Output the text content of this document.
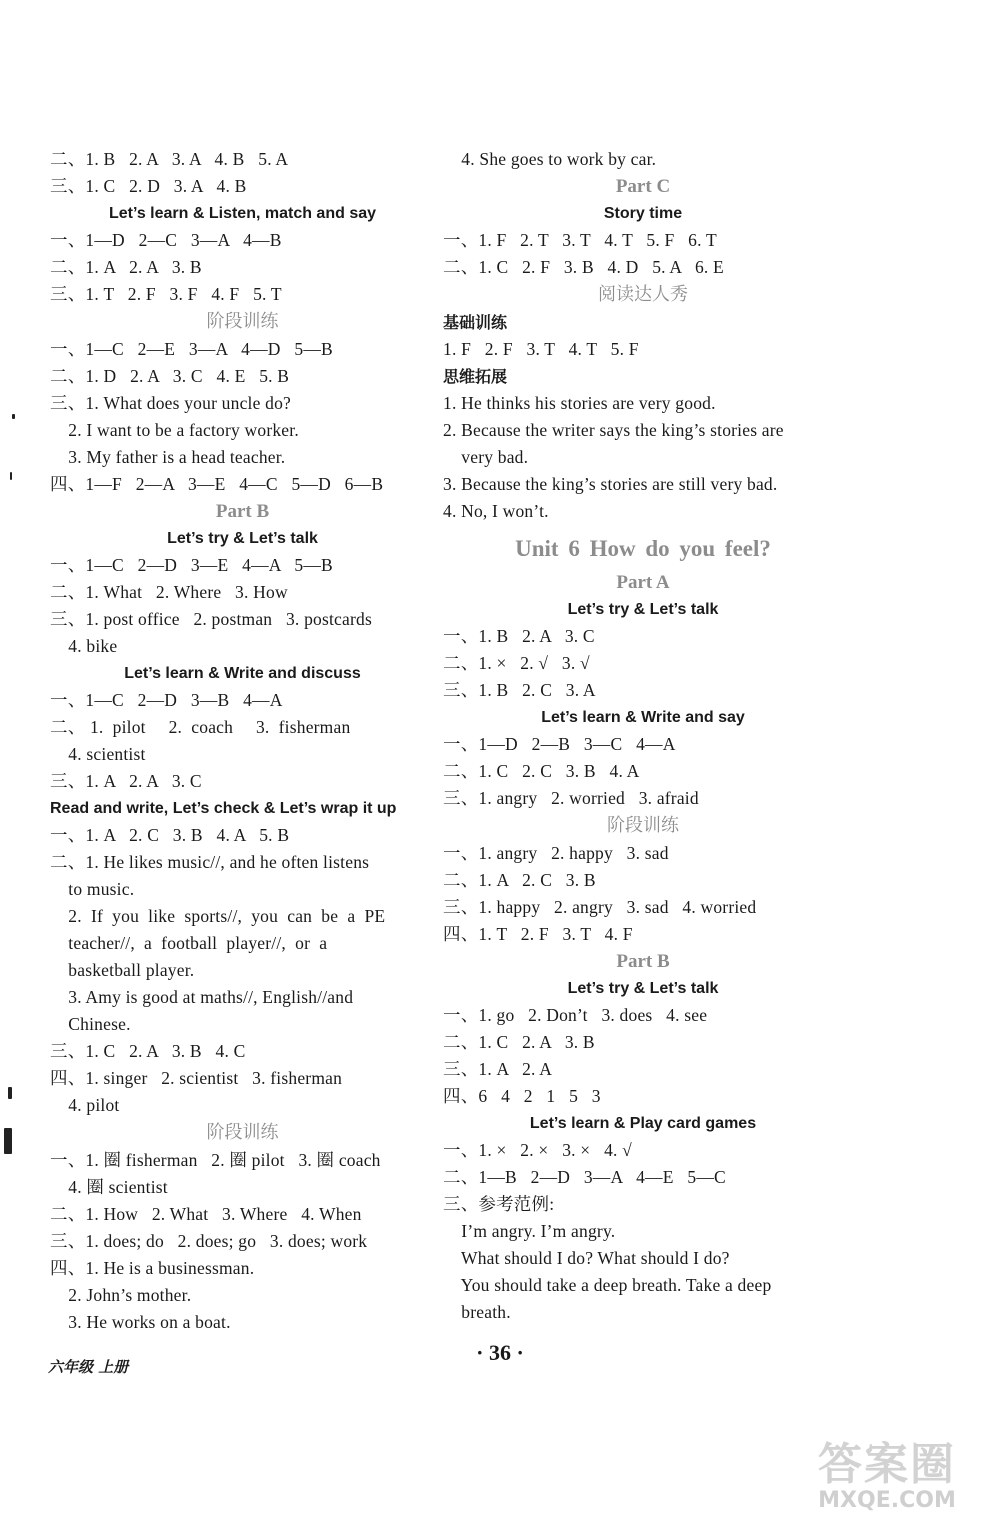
二、1. B   2. A   3. A   4. B   5. A
三、1. C   2. D   3. A   4. B
Let’s learn & Listen, match and say
一、1—D   2—C   3—A   4—B
二、1. A   2. A   3. B
三、1. T   2. F   3. F   4. F   5. T
阶段训练
一、1—C   2—E   3—A   4—D   5—B
二、1. D   2. A   3. C   4. E   5. B
三、1. What does your uncle do?
2. I want to be a factory worker.
3. My father is a head teacher.
四、1—F   2—A   3—E   4—C   5—D   6—B
Part B
Let’s try & Let’s talk
一、1—C   2—D   3—E   4—A   5—B
二、1. What   2. Where   3. How
三、1. post office   2. postman   3. postcards
4. bike
Let’s learn & Write and discuss
一、1—C   2—D   3—B   4—A
二、 1.  pilot     2.  coach     3.  fisherman
4. scientist
三、1. A   2. A   3. C
Read and write, Let’s check & Let’s wrap it up
一、1. A   2. C   3. B   4. A   5. B
二、1. He likes music//, and he often listens
to music.
2.  If  you  like  sports//,  you  can  be  a  PE
teacher//,  a  football  player//,  or  a
basketball player.
3. Amy is good at maths//, English//and
Chinese.
三、1. C   2. A   3. B   4. C
四、1. singer   2. scientist   3. fisherman
4. pilot
阶段训练
一、1. 圈 fisherman   2. 圈 pilot   3. 圈 coach
4. 圈 scientist
二、1. How   2. What   3. Where   4. When
三、1. does; do   2. does; go   3. does; work
四、1. He is a businessman.
2. John’s mother.
3. He works on a boat.
4. She goes to work by car.
Part C
Story time
一、1. F   2. T   3. T   4. T   5. F   6. T
二、1. C   2. F   3. B   4. D   5. A   6. E
阅读达人秀
基础训练
1. F   2. F   3. T   4. T   5. F
思维拓展
1. He thinks his stories are very good.
2. Because the writer says the king’s stories are
very bad.
3. Because the king’s stories are still very bad.
4. No, I won’t.
Unit 6 How do you feel?
Part A
Let’s try & Let’s talk
一、1. B   2. A   3. C
二、1. ×   2. √   3. √
三、1. B   2. C   3. A
Let’s learn & Write and say
一、1—D   2—B   3—C   4—A
二、1. C   2. C   3. B   4. A
三、1. angry   2. worried   3. afraid
阶段训练
一、1. angry   2. happy   3. sad
二、1. A   2. C   3. B
三、1. happy   2. angry   3. sad   4. worried
四、1. T   2. F   3. T   4. F
Part B
Let’s try & Let’s talk
一、1. go   2. Don’t   3. does   4. see
二、1. C   2. A   3. B
三、1. A   2. A
四、6   4   2   1   5   3
Let’s learn & Play card games
一、1. ×   2. ×   3. ×   4. √
二、1—B   2—D   3—A   4—E   5—C
三、参考范例:
I’m angry. I’m angry.
What should I do? What should I do?
You should take a deep breath. Take a deep
breath.
· 36 ·
六年级 上册
答案圈
MXQE.COM
